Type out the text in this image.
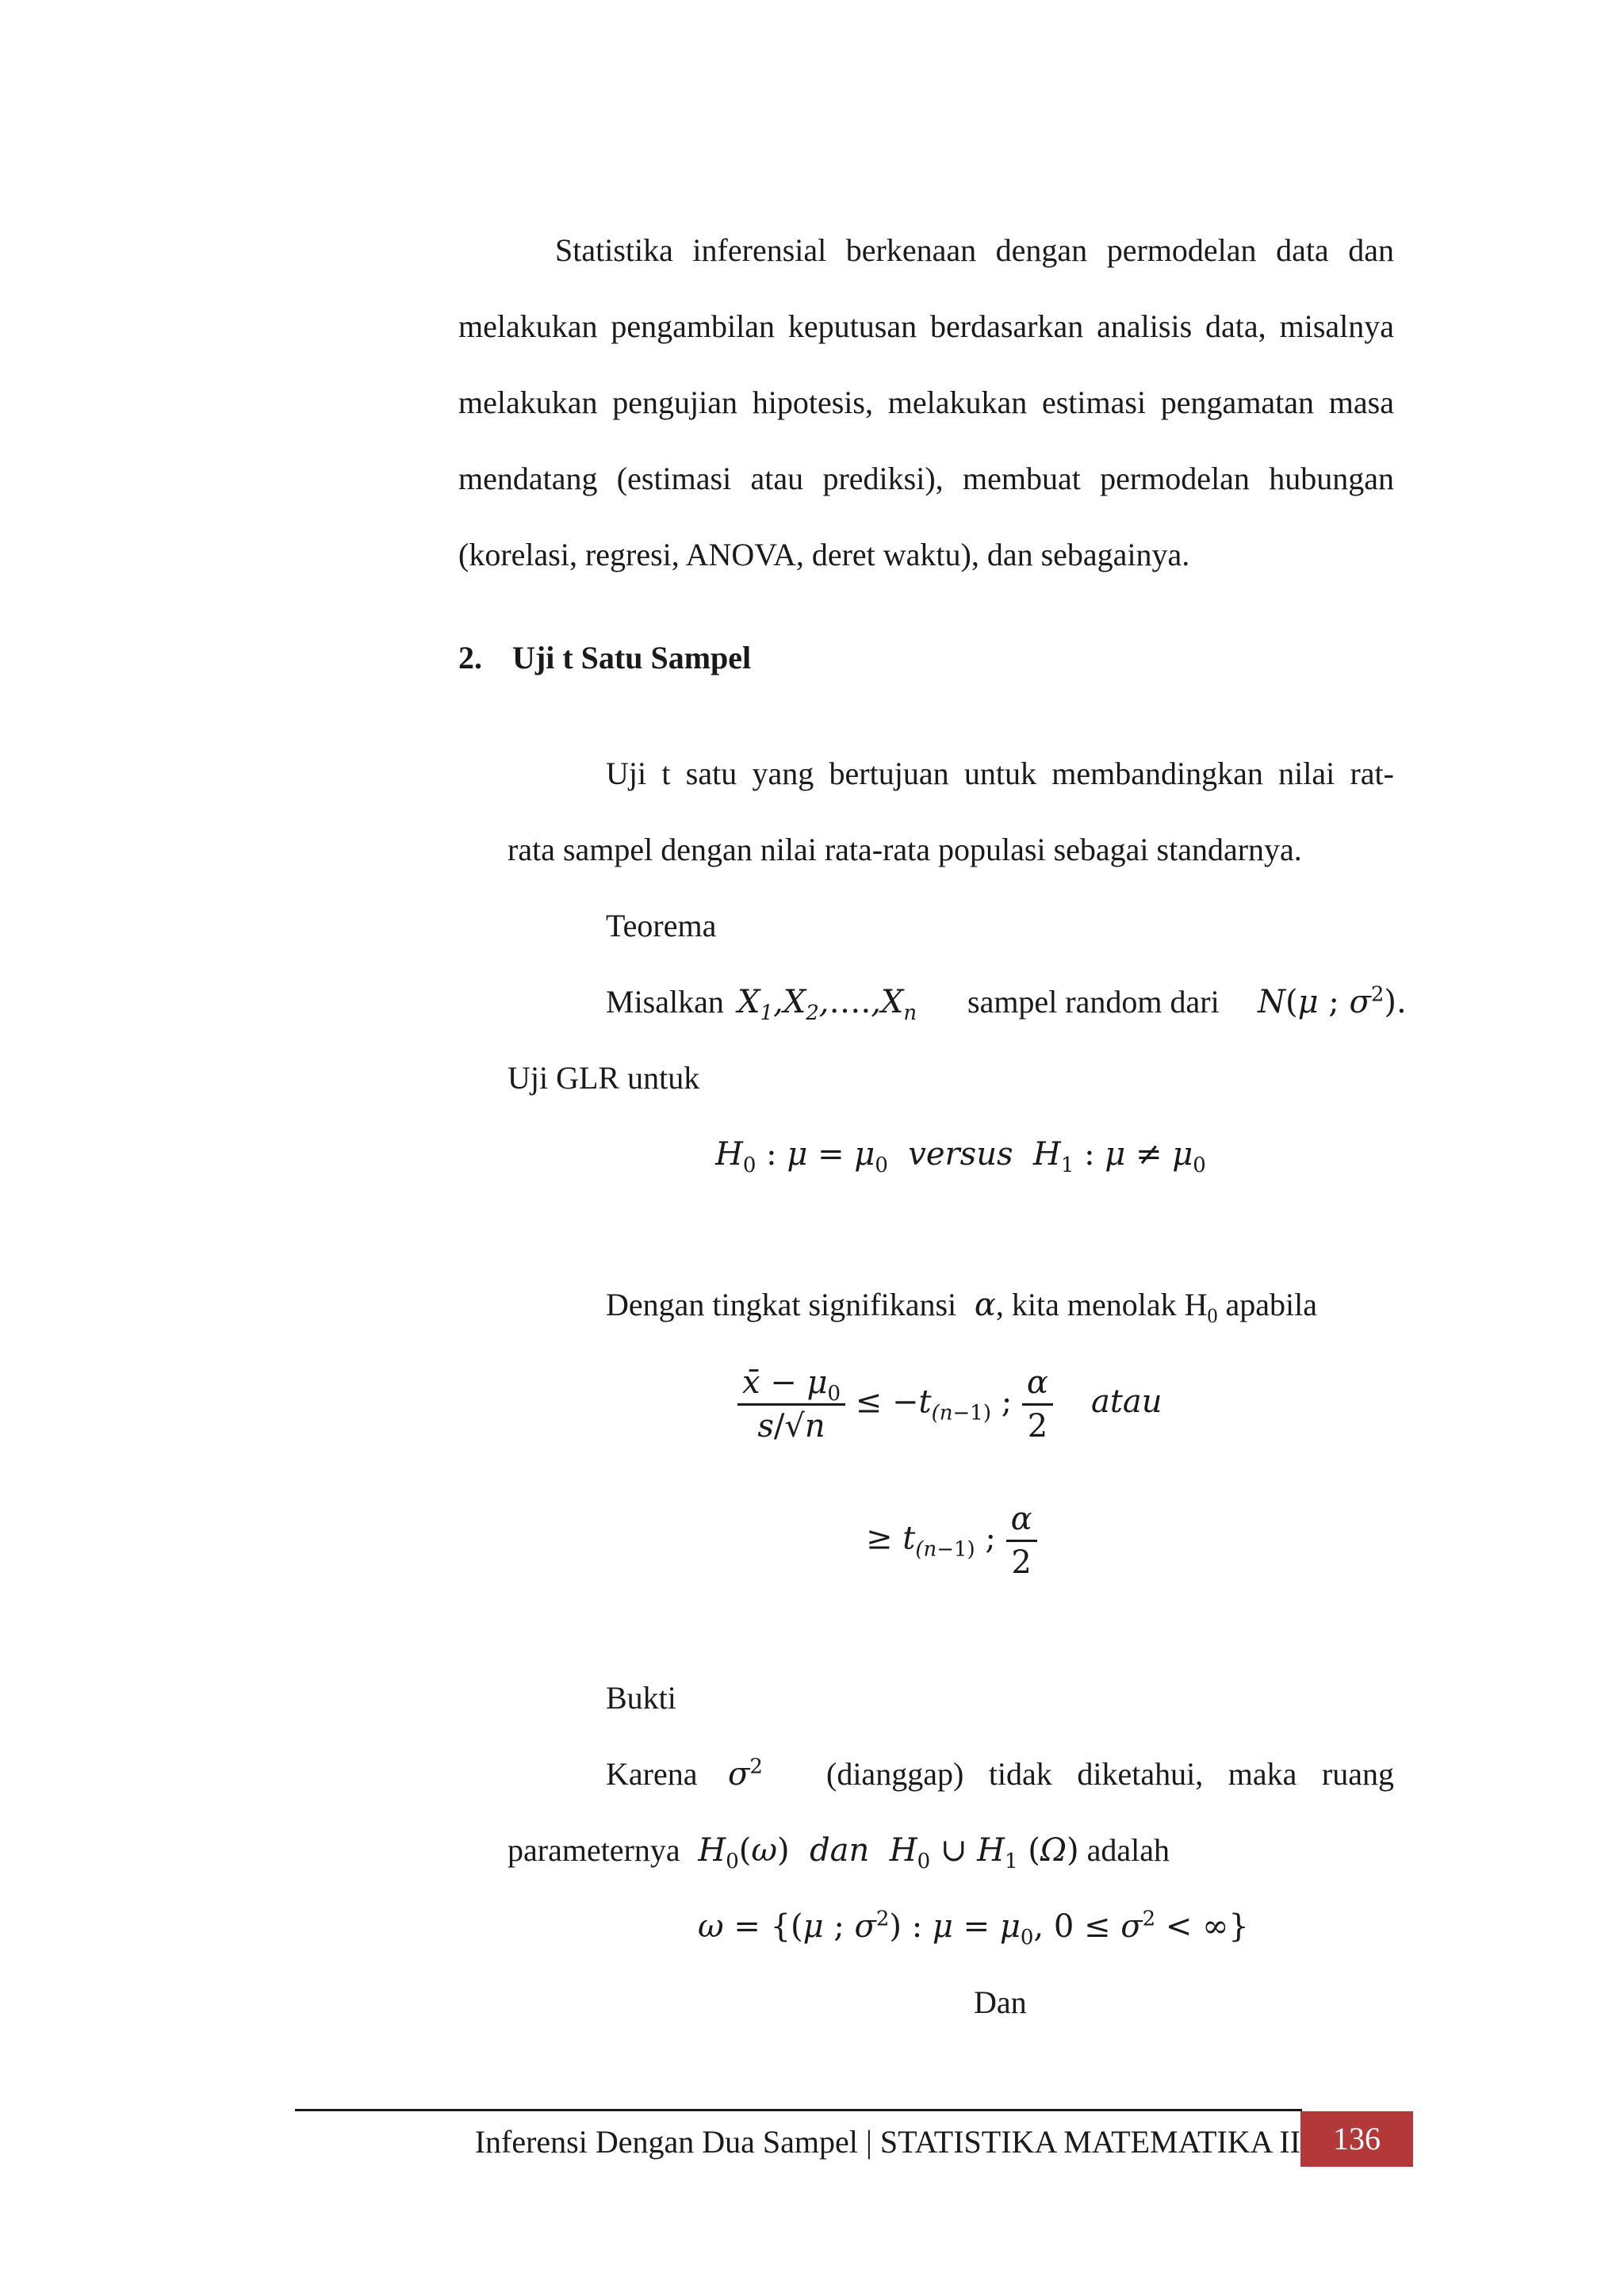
Statistika inferensial berkenaan dengan permodelan data dan
melakukan pengambilan keputusan berdasarkan analisis data, misalnya
melakukan pengujian hipotesis, melakukan estimasi pengamatan masa
mendatang (estimasi atau prediksi), membuat permodelan hubungan
(korelasi, regresi, ANOVA, deret waktu), dan sebagainya.
2. Uji t Satu Sampel
Uji t satu yang bertujuan untuk membandingkan nilai rat-
rata sampel dengan nilai rata-rata populasi sebagai standarnya.
Teorema
Misalkan $X_1,X_2,\dots.,X_n$ sampel random dari	N(μ ; $\sigma^2$).
Uji GLR untuk
$H_0$ : $\mu = \mu_0$  versus  $H_1$ : $\mu \ne \mu_0$
Dengan tingkat signifikansi  α, kita menolak $H_0$ apabila
$\frac{x̄ - \mu_0}{s/√n} \le -t_{(n-1)}$ ; $\frac{\alpha}{2}$ atau
≥ $t_{(n-1)}$ ; $\frac{\alpha}{2}$
Bukti
Karena $\sigma^2$ (dianggap) tidak diketahui, maka ruang
parameternya  $H_0(\omega)$  dan  $H_0$ ∪ $H_1$ (Ω) adalah
ω = {(μ ; $\sigma^2$) : $\mu = \mu_0$, $0 \le \sigma^2$ < ∞}
Dan
Inferensi Dengan Dua Sampel | STATISTIKA MATEMATIKA II	136
